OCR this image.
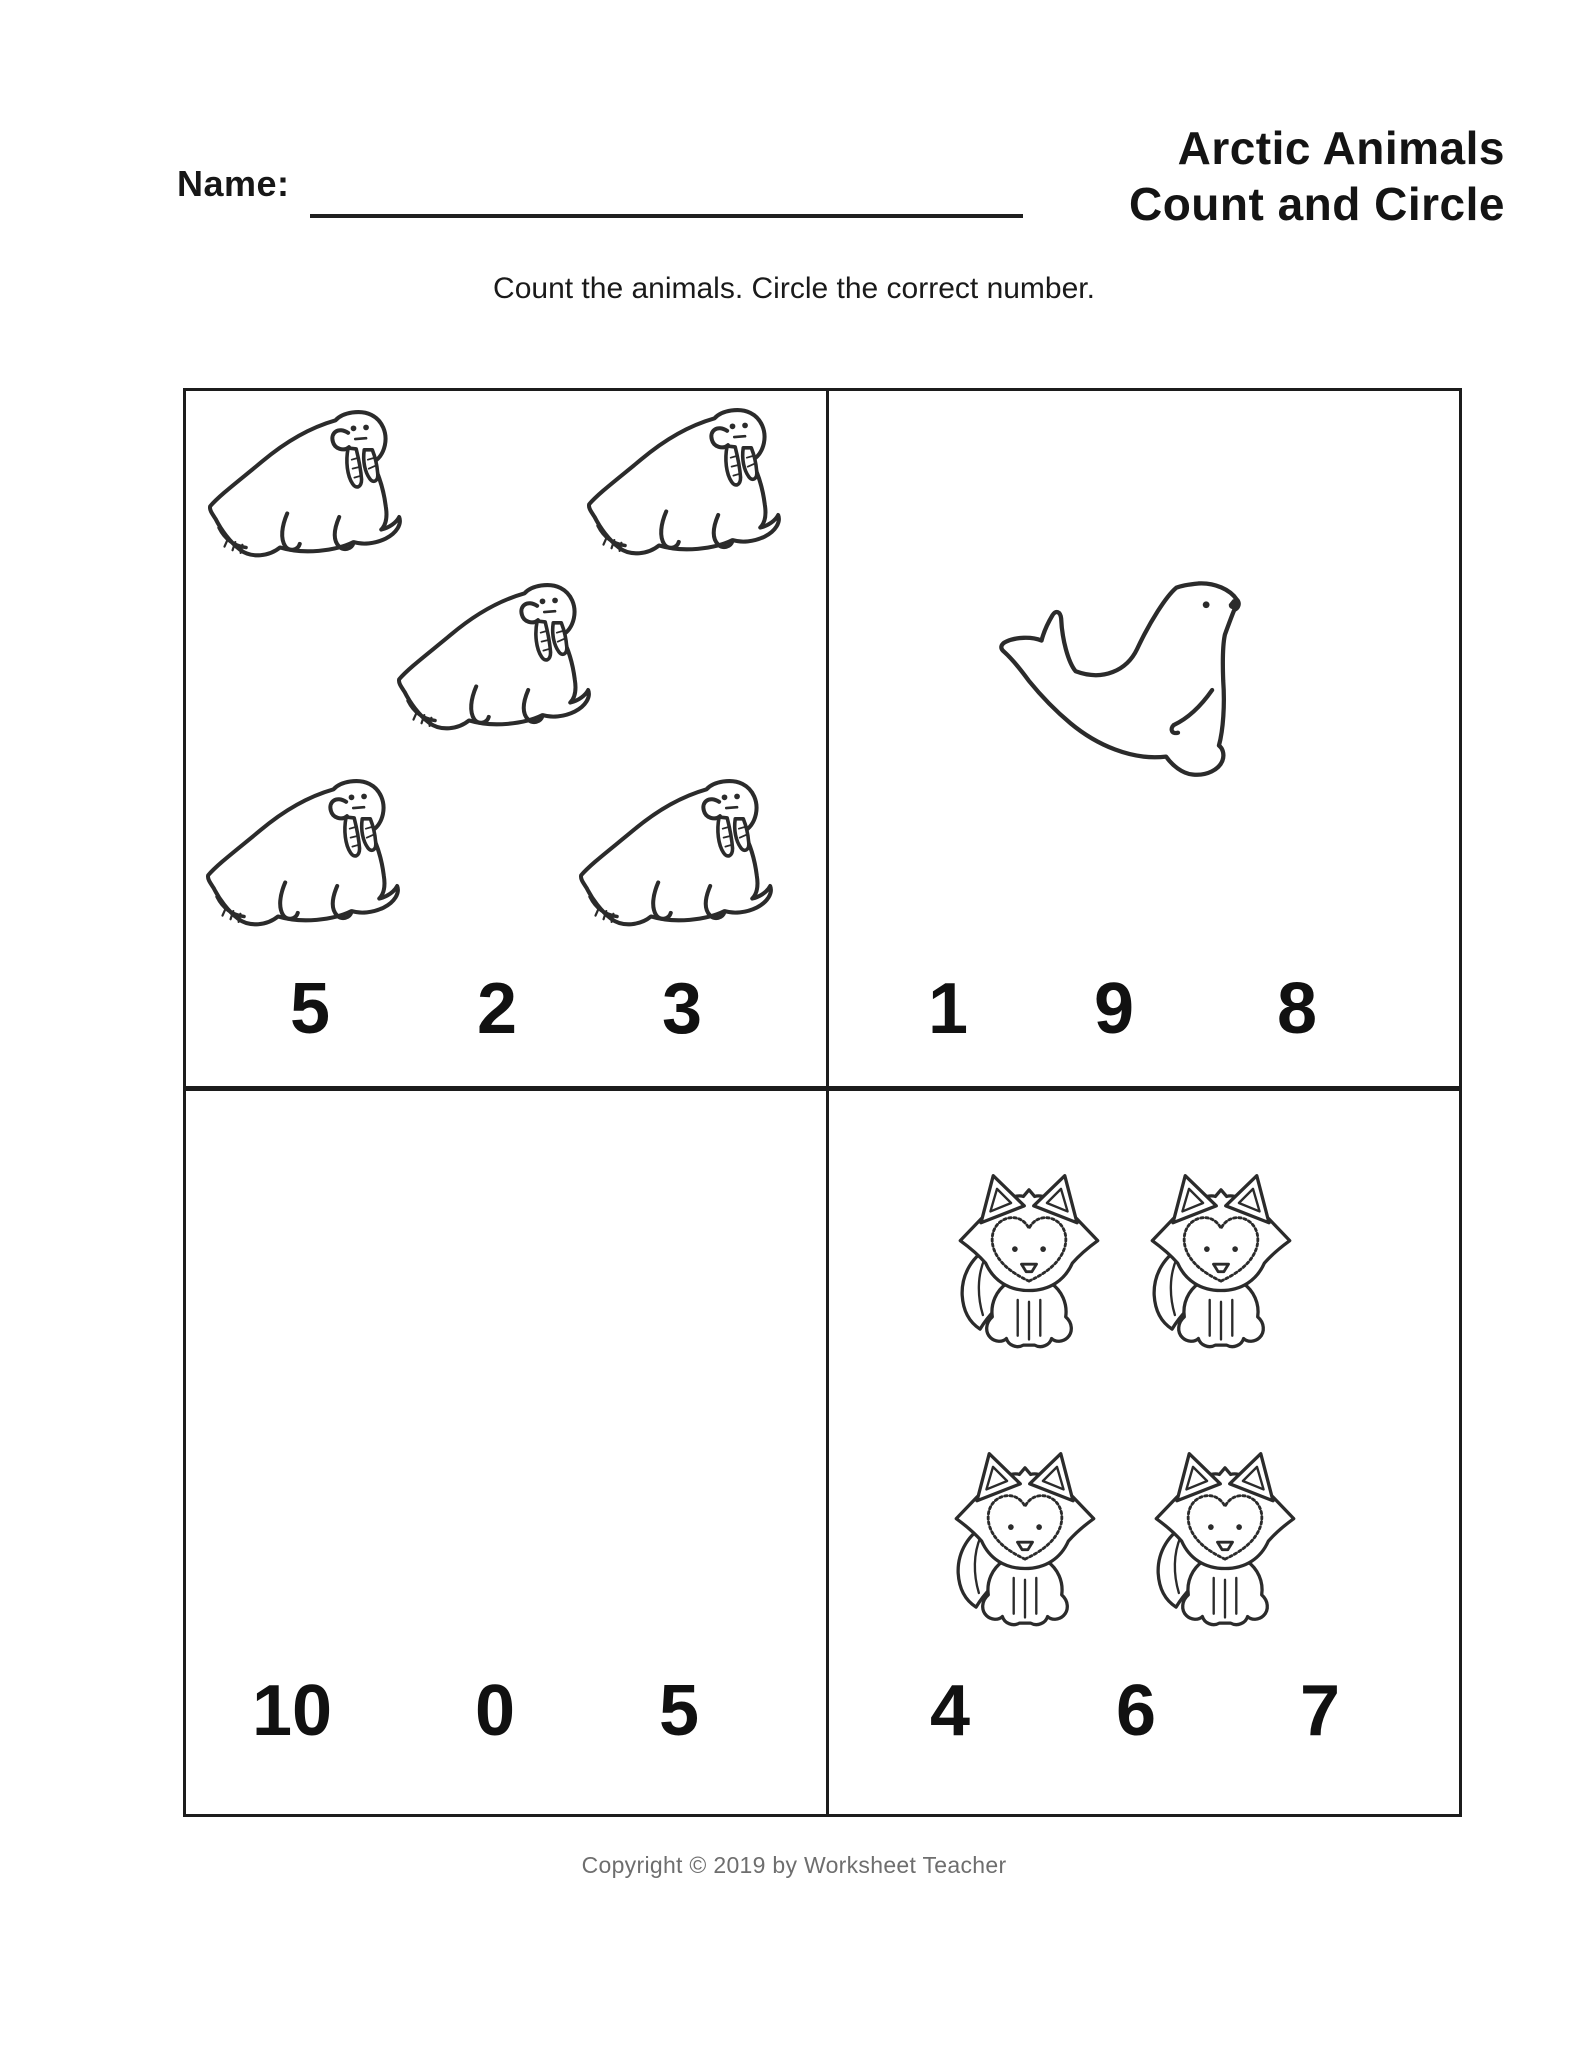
Name:
Arctic Animals
Count and Circle
Count the animals. Circle the correct number.
5 2 3	1 9 8
10 0 5	4 6 7
Copyright © 2019 by Worksheet Teacher
